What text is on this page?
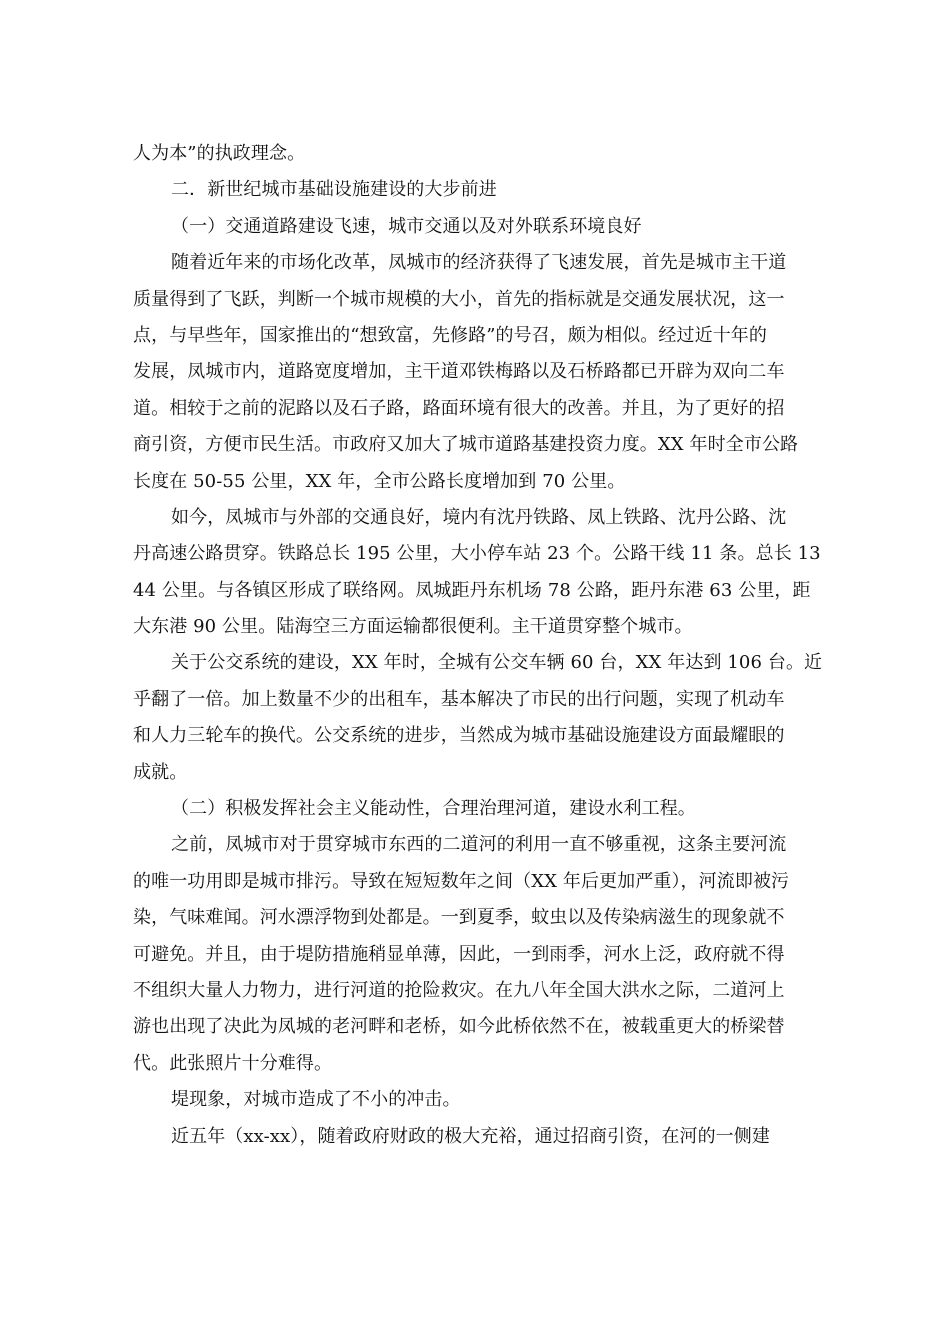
人为本”的执政理念。
二．新世纪城市基础设施建设的大步前进
（一）交通道路建设飞速，城市交通以及对外联系环境良好
随着近年来的市场化改革，凤城市的经济获得了飞速发展，首先是城市主干道
质量得到了飞跃，判断一个城市规模的大小，首先的指标就是交通发展状况，这一
点，与早些年，国家推出的“想致富，先修路”的号召，颇为相似。经过近十年的
发展，凤城市内，道路宽度增加，主干道邓铁梅路以及石桥路都已开辟为双向二车
道。相较于之前的泥路以及石子路，路面环境有很大的改善。并且，为了更好的招
商引资，方便市民生活。市政府又加大了城市道路基建投资力度。XX 年时全市公路
长度在 50-55 公里，XX 年，全市公路长度增加到 70 公里。
如今，凤城市与外部的交通良好，境内有沈丹铁路、凤上铁路、沈丹公路、沈
丹高速公路贯穿。铁路总长 195 公里，大小停车站 23 个。公路干线 11 条。总长 13
44 公里。与各镇区形成了联络网。凤城距丹东机场 78 公路，距丹东港 63 公里，距
大东港 90 公里。陆海空三方面运输都很便利。主干道贯穿整个城市。
关于公交系统的建设，XX 年时，全城有公交车辆 60 台，XX 年达到 106 台。近
乎翻了一倍。加上数量不少的出租车，基本解决了市民的出行问题，实现了机动车
和人力三轮车的换代。公交系统的进步，当然成为城市基础设施建设方面最耀眼的
成就。
（二）积极发挥社会主义能动性，合理治理河道，建设水利工程。
之前，凤城市对于贯穿城市东西的二道河的利用一直不够重视，这条主要河流
的唯一功用即是城市排污。导致在短短数年之间（XX 年后更加严重），河流即被污
染，气味难闻。河水漂浮物到处都是。一到夏季，蚊虫以及传染病滋生的现象就不
可避免。并且，由于堤防措施稍显单薄，因此，一到雨季，河水上泛，政府就不得
不组织大量人力物力，进行河道的抢险救灾。在九八年全国大洪水之际，二道河上
游也出现了决此为凤城的老河畔和老桥，如今此桥依然不在，被载重更大的桥梁替
代。此张照片十分难得。
堤现象，对城市造成了不小的冲击。
近五年（xx-xx），随着政府财政的极大充裕，通过招商引资，在河的一侧建
